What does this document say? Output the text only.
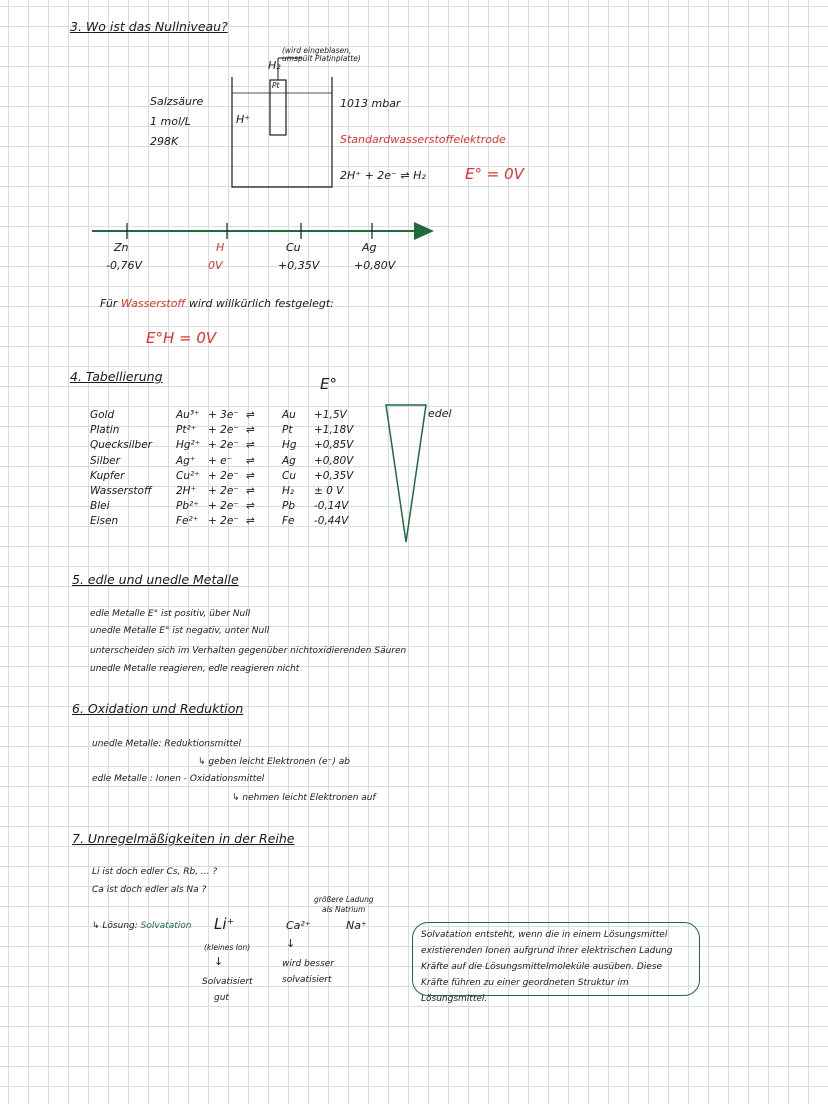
3. Wo ist das Nullniveau?
(wird eingeblasen, umspült Platinplatte)
H₂
Pt
H⁺
Salzsäure
1 mol/L
298K
1013 mbar
Standardwasserstoffelektrode
2H⁺ + 2e⁻ ⇌ H₂	E° = 0V
Zn
-0,76V
H
0V
Cu
+0,35V
Ag
+0,80V
Für Wasserstoff wird willkürlich festgelegt:
E°H = 0V
4. Tabellierung	E°
edel
Gold
Platin
Quecksilber
Silber
Kupfer
Wasserstoff
Blei
Eisen
Au³⁺
Pt²⁺
Hg²⁺
Ag⁺
Cu²⁺
2H⁺
Pb²⁺
Fe²⁺
+ 3e⁻
+ 2e⁻
+ 2e⁻
+ e⁻
+ 2e⁻
+ 2e⁻
+ 2e⁻
+ 2e⁻
⇌
⇌
⇌
⇌
⇌
⇌
⇌
⇌
Au
Pt
Hg
Ag
Cu
H₂
Pb
Fe
+1,5V
+1,18V
+0,85V
+0,80V
+0,35V
± 0 V
-0,14V
-0,44V
5. edle und unedle Metalle
edle Metalle E° ist positiv, über Null
unedle Metalle E° ist negativ, unter Null
unterscheiden sich im Verhalten gegenüber nichtoxidierenden Säuren
unedle Metalle reagieren, edle reagieren nicht
6. Oxidation und Reduktion
unedle Metalle: Reduktionsmittel
↳ geben leicht Elektronen (e⁻) ab
edle Metalle : Ionen - Oxidationsmittel
↳ nehmen leicht Elektronen auf
7. Unregelmäßigkeiten in der Reihe
Li ist doch edler Cs, Rb, ... ?
Ca ist doch edler als Na ?
↳ Lösung: Solvatation Li⁺
(kleines Ion)
↓
Solvatisiert
gut
Ca²⁺
↓
wird besser
solvatisiert
größere Ladung
als Natrium
Na⁺
Solvatation entsteht, wenn die in einem Lösungsmittel existierenden Ionen aufgrund ihrer elektrischen Ladung Kräfte auf die Lösungsmittelmoleküle ausüben. Diese Kräfte führen zu einer geordneten Struktur im Lösungsmittel.
